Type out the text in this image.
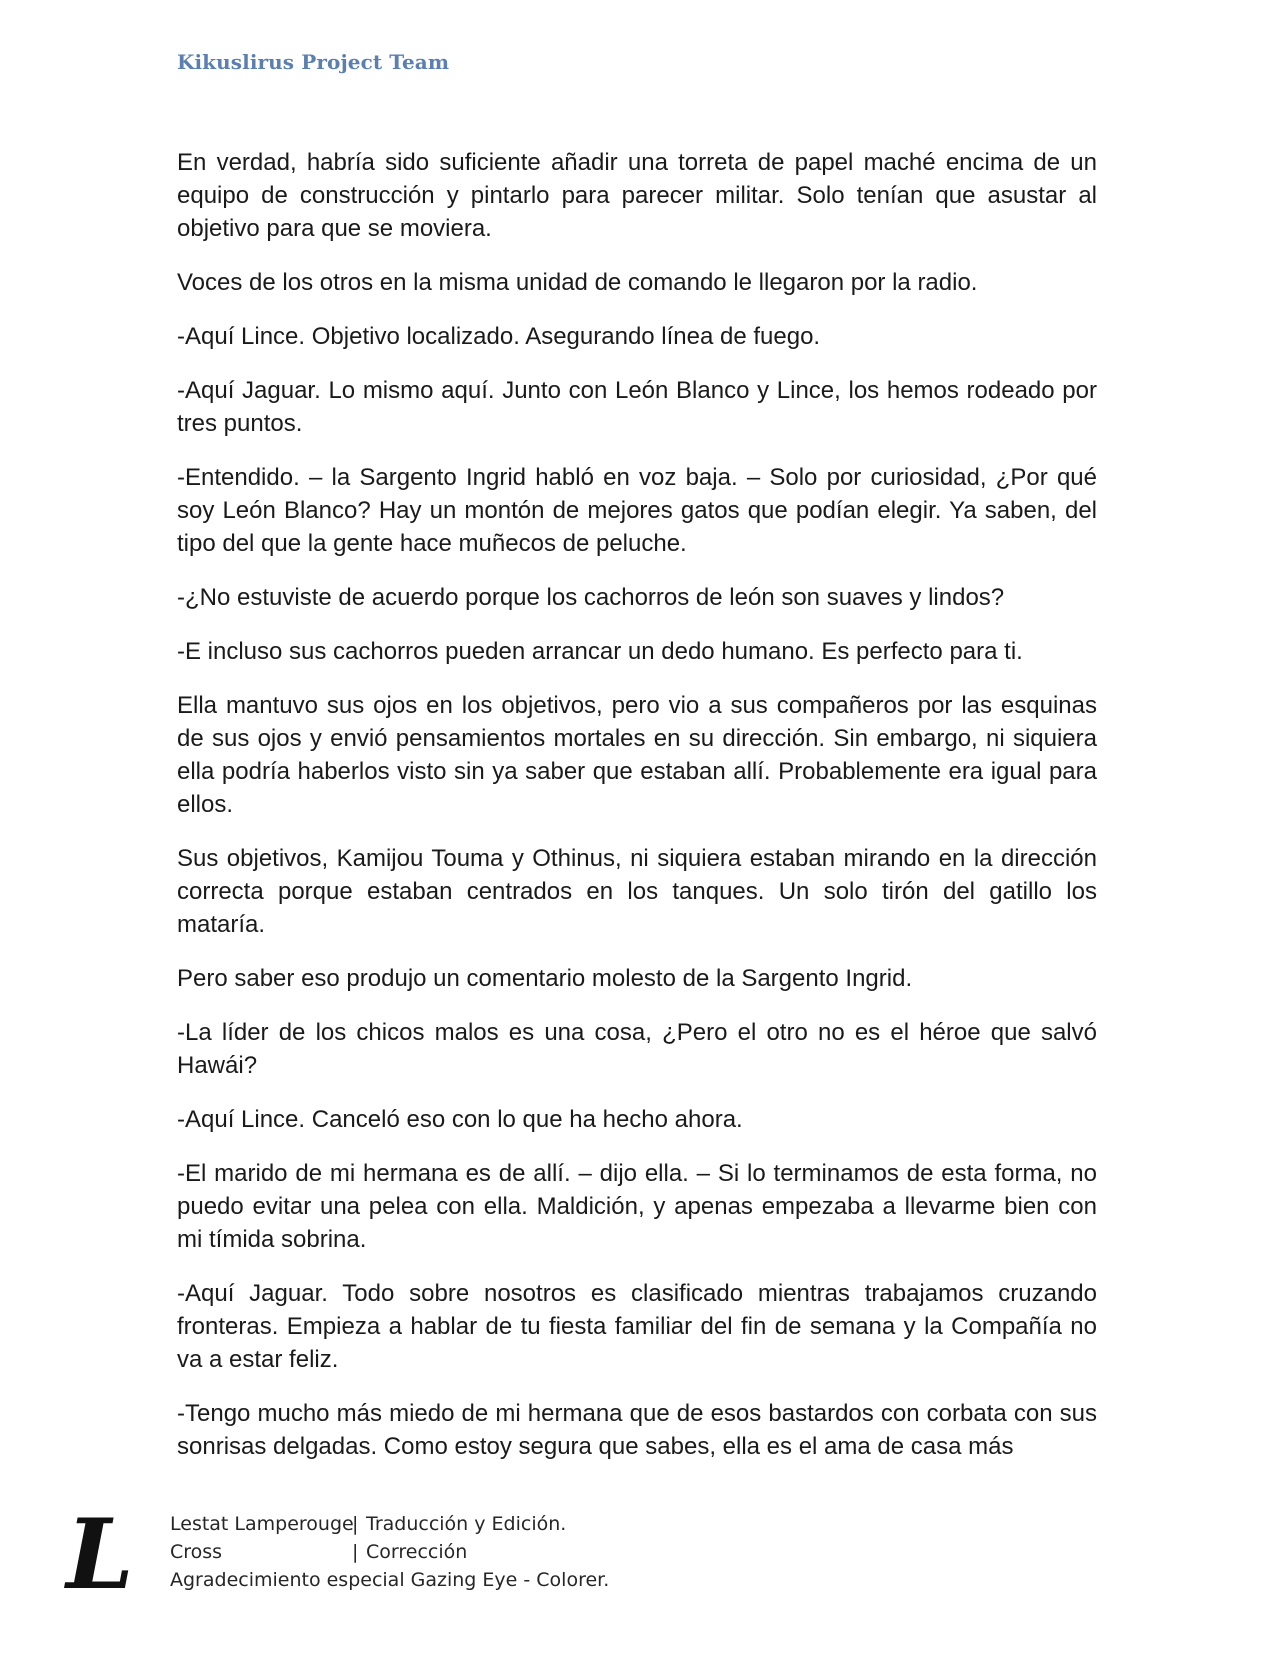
Kikuslirus Project Team

En verdad, habría sido suficiente añadir una torreta de papel maché encima de un equipo de construcción y pintarlo para parecer militar. Solo tenían que asustar al objetivo para que se moviera.

Voces de los otros en la misma unidad de comando le llegaron por la radio.

-Aquí Lince. Objetivo localizado. Asegurando línea de fuego.

-Aquí Jaguar. Lo mismo aquí. Junto con León Blanco y Lince, los hemos rodeado por tres puntos.

-Entendido. – la Sargento Ingrid habló en voz baja. – Solo por curiosidad, ¿Por qué soy León Blanco? Hay un montón de mejores gatos que podían elegir. Ya saben, del tipo del que la gente hace muñecos de peluche.

-¿No estuviste de acuerdo porque los cachorros de león son suaves y lindos?

-E incluso sus cachorros pueden arrancar un dedo humano. Es perfecto para ti.

Ella mantuvo sus ojos en los objetivos, pero vio a sus compañeros por las esquinas de sus ojos y envió pensamientos mortales en su dirección. Sin embargo, ni siquiera ella podría haberlos visto sin ya saber que estaban allí. Probablemente era igual para ellos.

Sus objetivos, Kamijou Touma y Othinus, ni siquiera estaban mirando en la dirección correcta porque estaban centrados en los tanques. Un solo tirón del gatillo los mataría.

Pero saber eso produjo un comentario molesto de la Sargento Ingrid.

-La líder de los chicos malos es una cosa, ¿Pero el otro no es el héroe que salvó Hawái?

-Aquí Lince. Canceló eso con lo que ha hecho ahora.

-El marido de mi hermana es de allí. – dijo ella. – Si lo terminamos de esta forma, no puedo evitar una pelea con ella. Maldición, y apenas empezaba a llevarme bien con mi tímida sobrina.

-Aquí Jaguar. Todo sobre nosotros es clasificado mientras trabajamos cruzando fronteras. Empieza a hablar de tu fiesta familiar del fin de semana y la Compañía no va a estar feliz.

-Tengo mucho más miedo de mi hermana que de esos bastardos con corbata con sus sonrisas delgadas. Como estoy segura que sabes, ella es el ama de casa más

L Lestat Lamperouge| Traducción y Edición.
Cross	| Corrección
Agradecimiento especial Gazing Eye - Colorer.
